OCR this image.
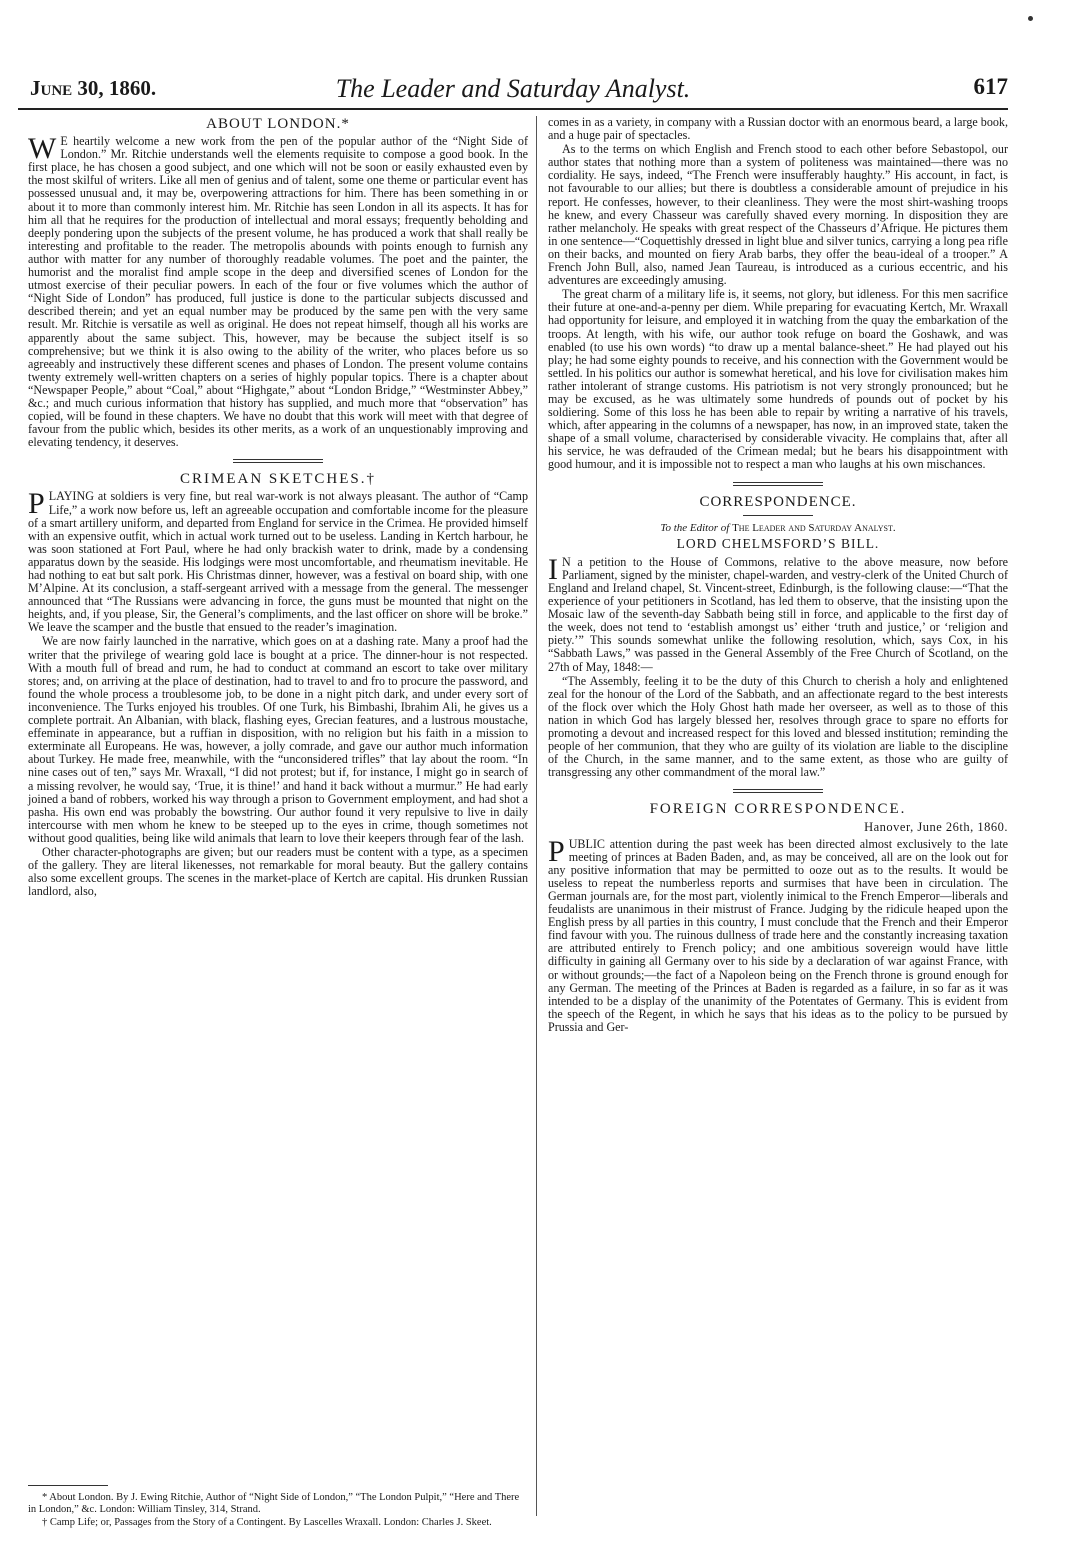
June 30, 1860.	The Leader and Saturday Analyst.	617
ABOUT LONDON.*

W E heartily welcome a new work from the pen of the popular author of the “Night Side of London.” Mr. Ritchie understands well the elements requisite to compose a good book. In the first place, he has chosen a good subject, and one which will not be soon or easily exhausted even by the most skilful of writers. Like all men of genius and of talent, some one theme or particular event has possessed unusual and, it may be, overpowering attractions for him. There has been something in or about it to more than commonly interest him. Mr. Ritchie has seen London in all its aspects. It has for him all that he requires for the production of intellectual and moral essays; frequently beholding and deeply pondering upon the subjects of the present volume, he has produced a work that shall really be interesting and profitable to the reader. The metropolis abounds with points enough to furnish any author with matter for any number of thoroughly readable volumes. The poet and the painter, the humorist and the moralist find ample scope in the deep and diversified scenes of London for the utmost exercise of their peculiar powers. In each of the four or five volumes which the author of “Night Side of London” has produced, full justice is done to the particular subjects discussed and described therein; and yet an equal number may be produced by the same pen with the very same result. Mr. Ritchie is versatile as well as original. He does not repeat himself, though all his works are apparently about the same subject. This, however, may be because the subject itself is so comprehensive; but we think it is also owing to the ability of the writer, who places before us so agreeably and instructively these different scenes and phases of London. The present volume contains twenty extremely well-written chapters on a series of highly popular topics. There is a chapter about “Newspaper People,” about “Coal,” about “Highgate,” about “London Bridge,” “Westminster Abbey,” &c.; and much curious information that history has supplied, and much more that “observation” has copied, will be found in these chapters. We have no doubt that this work will meet with that degree of favour from the public which, besides its other merits, as a work of an unquestionably improving and elevating tendency, it deserves.

CRIMEAN SKETCHES.†

PLAYING at soldiers is very fine, but real war-work is not always pleasant. The author of “Camp Life,” a work now before us, left an agreeable occupation and comfortable income for the pleasure of a smart artillery uniform, and departed from England for service in the Crimea. He provided himself with an expensive outfit, which in actual work turned out to be useless. Landing in Kertch harbour, he was soon stationed at Fort Paul, where he had only brackish water to drink, made by a condensing apparatus down by the seaside. His lodgings were most uncomfortable, and rheumatism inevitable. He had nothing to eat but salt pork. His Christmas dinner, however, was a festival on board ship, with one M’Alpine. At its conclusion, a staff-sergeant arrived with a message from the general. The messenger announced that “The Russians were advancing in force, the guns must be mounted that night on the heights, and, if you please, Sir, the General’s compliments, and the last officer on shore will be broke.” We leave the scamper and the bustle that ensued to the reader’s imagination.

We are now fairly launched in the narrative, which goes on at a dashing rate. Many a proof had the writer that the privilege of wearing gold lace is bought at a price. The dinner-hour is not respected. With a mouth full of bread and rum, he had to conduct at command an escort to take over military stores; and, on arriving at the place of destination, had to travel to and fro to procure the password, and found the whole process a troublesome job, to be done in a night pitch dark, and under every sort of inconvenience. The Turks enjoyed his troubles. Of one Turk, his Bimbashi, Ibrahim Ali, he gives us a complete portrait. An Albanian, with black, flashing eyes, Grecian features, and a lustrous moustache, effeminate in appearance, but a ruffian in disposition, with no religion but his faith in a mission to exterminate all Europeans. He was, however, a jolly comrade, and gave our author much information about Turkey. He made free, meanwhile, with the “unconsidered trifles” that lay about the room. “In nine cases out of ten,” says Mr. Wraxall, “I did not protest; but if, for instance, I might go in search of a missing revolver, he would say, ‘True, it is thine!’ and hand it back without a murmur.” He had early joined a band of robbers, worked his way through a prison to Government employment, and had shot a pasha. His own end was probably the bowstring. Our author found it very repulsive to live in daily intercourse with men whom he knew to be steeped up to the eyes in crime, though sometimes not without good qualities, being like wild animals that learn to love their keepers through fear of the lash.

Other character-photographs are given; but our readers must be content with a type, as a specimen of the gallery. They are literal likenesses, not remarkable for moral beauty. But the gallery contains also some excellent groups. The scenes in the market-place of Kertch are capital. His drunken Russian landlord, also,

comes in as a variety, in company with a Russian doctor with an enormous beard, a large book, and a huge pair of spectacles.

As to the terms on which English and French stood to each other before Sebastopol, our author states that nothing more than a system of politeness was maintained—there was no cordiality. He says, indeed, “The French were insufferably haughty.” His account, in fact, is not favourable to our allies; but there is doubtless a considerable amount of prejudice in his report. He confesses, however, to their cleanliness. They were the most shirt-washing troops he knew, and every Chasseur was carefully shaved every morning. In disposition they are rather melancholy. He speaks with great respect of the Chasseurs d’Afrique. He pictures them in one sentence—“Coquettishly dressed in light blue and silver tunics, carrying a long pea rifle on their backs, and mounted on fiery Arab barbs, they offer the beau-ideal of a trooper.” A French John Bull, also, named Jean Taureau, is introduced as a curious eccentric, and his adventures are exceedingly amusing.

The great charm of a military life is, it seems, not glory, but idleness. For this men sacrifice their future at one-and-a-penny per diem. While preparing for evacuating Kertch, Mr. Wraxall had opportunity for leisure, and employed it in watching from the quay the embarkation of the troops. At length, with his wife, our author took refuge on board the Goshawk, and was enabled (to use his own words) “to draw up a mental balance-sheet.” He had played out his play; he had some eighty pounds to receive, and his connection with the Government would be settled. In his politics our author is somewhat heretical, and his love for civilisation makes him rather intolerant of strange customs. His patriotism is not very strongly pronounced; but he may be excused, as he was ultimately some hundreds of pounds out of pocket by his soldiering. Some of this loss he has been able to repair by writing a narrative of his travels, which, after appearing in the columns of a newspaper, has now, in an improved state, taken the shape of a small volume, characterised by considerable vivacity. He complains that, after all his service, he was defrauded of the Crimean medal; but he bears his disappointment with good humour, and it is impossible not to respect a man who laughs at his own mischances.

CORRESPONDENCE.
To the Editor of The Leader and Saturday Analyst.
LORD CHELMSFORD’S BILL.

I N a petition to the House of Commons, relative to the above measure, now before Parliament, signed by the minister, chapel-warden, and vestry-clerk of the United Church of England and Ireland chapel, St. Vincent-street, Edinburgh, is the following clause:—“That the experience of your petitioners in Scotland, has led them to observe, that the insisting upon the Mosaic law of the seventh-day Sabbath being still in force, and applicable to the first day of the week, does not tend to ‘establish amongst us’ either ‘truth and justice,’ or ‘religion and piety.’” This sounds somewhat unlike the following resolution, which, says Cox, in his “Sabbath Laws,” was passed in the General Assembly of the Free Church of Scotland, on the 27th of May, 1848:—

“The Assembly, feeling it to be the duty of this Church to cherish a holy and enlightened zeal for the honour of the Lord of the Sabbath, and an affectionate regard to the best interests of the flock over which the Holy Ghost hath made her overseer, as well as to those of this nation in which God has largely blessed her, resolves through grace to spare no efforts for promoting a devout and increased respect for this loved and blessed institution; reminding the people of her communion, that they who are guilty of its violation are liable to the discipline of the Church, in the same manner, and to the same extent, as those who are guilty of transgressing any other commandment of the moral law.”

FOREIGN CORRESPONDENCE.
Hanover, June 26th, 1860.

PUBLIC attention during the past week has been directed almost exclusively to the late meeting of princes at Baden Baden, and, as may be conceived, all are on the look out for any positive information that may be permitted to ooze out as to the results. It would be useless to repeat the numberless reports and surmises that have been in circulation. The German journals are, for the most part, violently inimical to the French Emperor—liberals and feudalists are unanimous in their mistrust of France. Judging by the ridicule heaped upon the English press by all parties in this country, I must conclude that the French and their Emperor find favour with you. The ruinous dullness of trade here and the constantly increasing taxation are attributed entirely to French policy; and one ambitious sovereign would have little difficulty in gaining all Germany over to his side by a declaration of war against France, with or without grounds;—the fact of a Napoleon being on the French throne is ground enough for any German. The meeting of the Princes at Baden is regarded as a failure, in so far as it was intended to be a display of the unanimity of the Potentates of Germany. This is evident from the speech of the Regent, in which he says that his ideas as to the policy to be pursued by Prussia and Ger-

* About London. By J. Ewing Ritchie, Author of “Night Side of London,” “The London Pulpit,” “Here and There in London,” &c. London: William Tinsley, 314, Strand.

† Camp Life; or, Passages from the Story of a Contingent. By Lascelles Wraxall. London: Charles J. Skeet.
